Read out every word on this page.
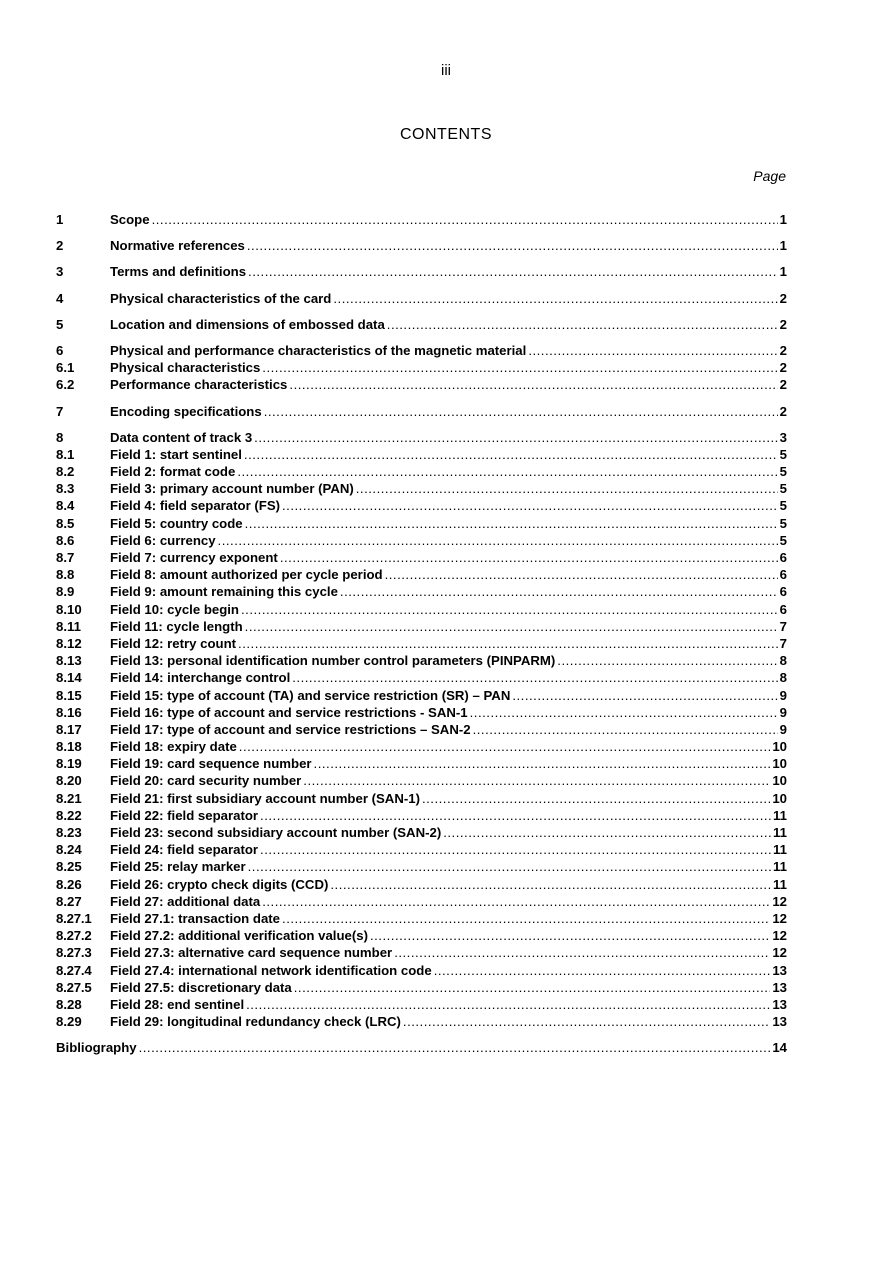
iii
CONTENTS
Page
1	Scope .....	1
2	Normative references .....	1
3	Terms and definitions .....	1
4	Physical characteristics of the card .....	2
5	Location and dimensions of embossed data .....	2
6	Physical and performance characteristics of the magnetic material .....	2
6.1	Physical characteristics .....	2
6.2	Performance characteristics .....	2
7	Encoding specifications .....	2
8	Data content of track 3 .....	3
8.1	Field 1: start sentinel .....	5
8.2	Field 2: format code .....	5
8.3	Field 3: primary account number (PAN) .....	5
8.4	Field 4: field separator (FS) .....	5
8.5	Field 5: country code .....	5
8.6	Field 6: currency .....	5
8.7	Field 7: currency exponent .....	6
8.8	Field 8: amount authorized per cycle period .....	6
8.9	Field 9: amount remaining this cycle .....	6
8.10	Field 10: cycle begin .....	6
8.11	Field 11: cycle length .....	7
8.12	Field 12: retry count .....	7
8.13	Field 13: personal identification number control parameters (PINPARM) .....	8
8.14	Field 14: interchange control .....	8
8.15	Field 15: type of account (TA) and service restriction (SR) – PAN .....	9
8.16	Field 16: type of account and service restrictions - SAN-1 .....	9
8.17	Field 17: type of account and service restrictions – SAN-2 .....	9
8.18	Field 18: expiry date .....	10
8.19	Field 19: card sequence number .....	10
8.20	Field 20: card security number .....	10
8.21	Field 21: first subsidiary account number (SAN-1) .....	10
8.22	Field 22: field separator .....	11
8.23	Field 23: second subsidiary account number (SAN-2) .....	11
8.24	Field 24: field separator .....	11
8.25	Field 25: relay marker .....	11
8.26	Field 26: crypto check digits (CCD) .....	11
8.27	Field 27: additional data .....	12
8.27.1	Field 27.1: transaction date .....	12
8.27.2	Field 27.2: additional verification value(s) .....	12
8.27.3	Field 27.3: alternative card sequence number .....	12
8.27.4	Field 27.4: international network identification code .....	13
8.27.5	Field 27.5: discretionary data .....	13
8.28	Field 28: end sentinel .....	13
8.29	Field 29: longitudinal redundancy check (LRC) .....	13
Bibliography .....	14
